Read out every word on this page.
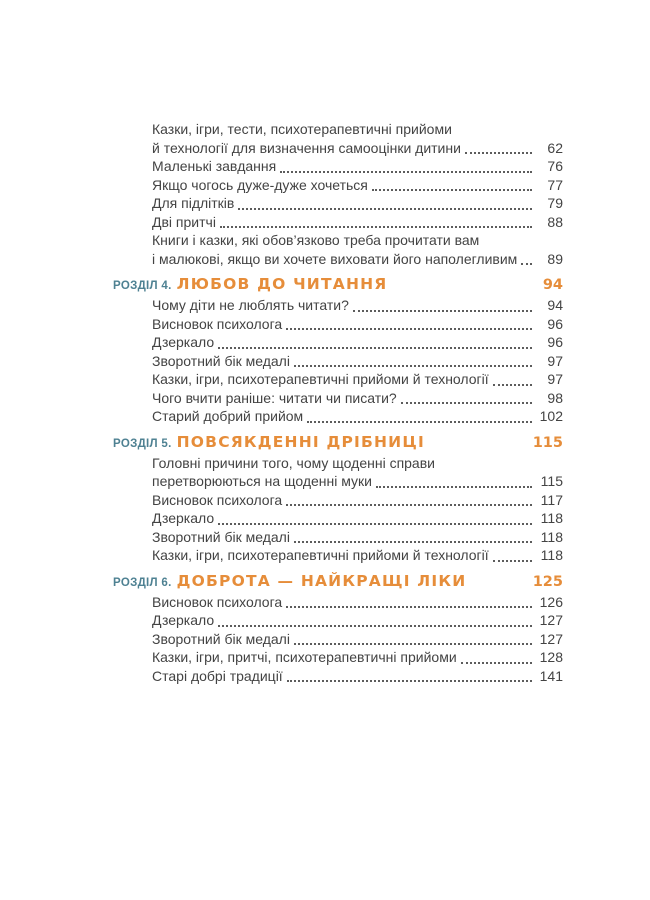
Казки, ігри, тести, психотерапевтичні прийоми
й технології для визначення самооцінки дитини	62
Маленькі завдання	76
Якщо чогось дуже-дуже хочеться	77
Для підлітків	79
Дві притчі	88
Книги і казки, які обов’язково треба прочитати вам
і малюкові, якщо ви хочете виховати його наполегливим	89
РОЗДІЛ 4. ЛЮБОВ ДО ЧИТАННЯ	94
Чому діти не люблять читати?	94
Висновок психолога	96
Дзеркало	96
Зворотний бік медалі	97
Казки, ігри, психотерапевтичні прийоми й технології	97
Чого вчити раніше: читати чи писати?	98
Старий добрий прийом	102
РОЗДІЛ 5. ПОВСЯКДЕННІ ДРІБНИЦІ	115
Головні причини того, чому щоденні справи
перетворюються на щоденні муки	115
Висновок психолога	117
Дзеркало	118
Зворотний бік медалі	118
Казки, ігри, психотерапевтичні прийоми й технології	118
РОЗДІЛ 6. ДОБРОТА — НАЙКРАЩІ ЛІКИ	125
Висновок психолога	126
Дзеркало	127
Зворотний бік медалі	127
Казки, ігри, притчі, психотерапевтичні прийоми	128
Старі добрі традиції	141
